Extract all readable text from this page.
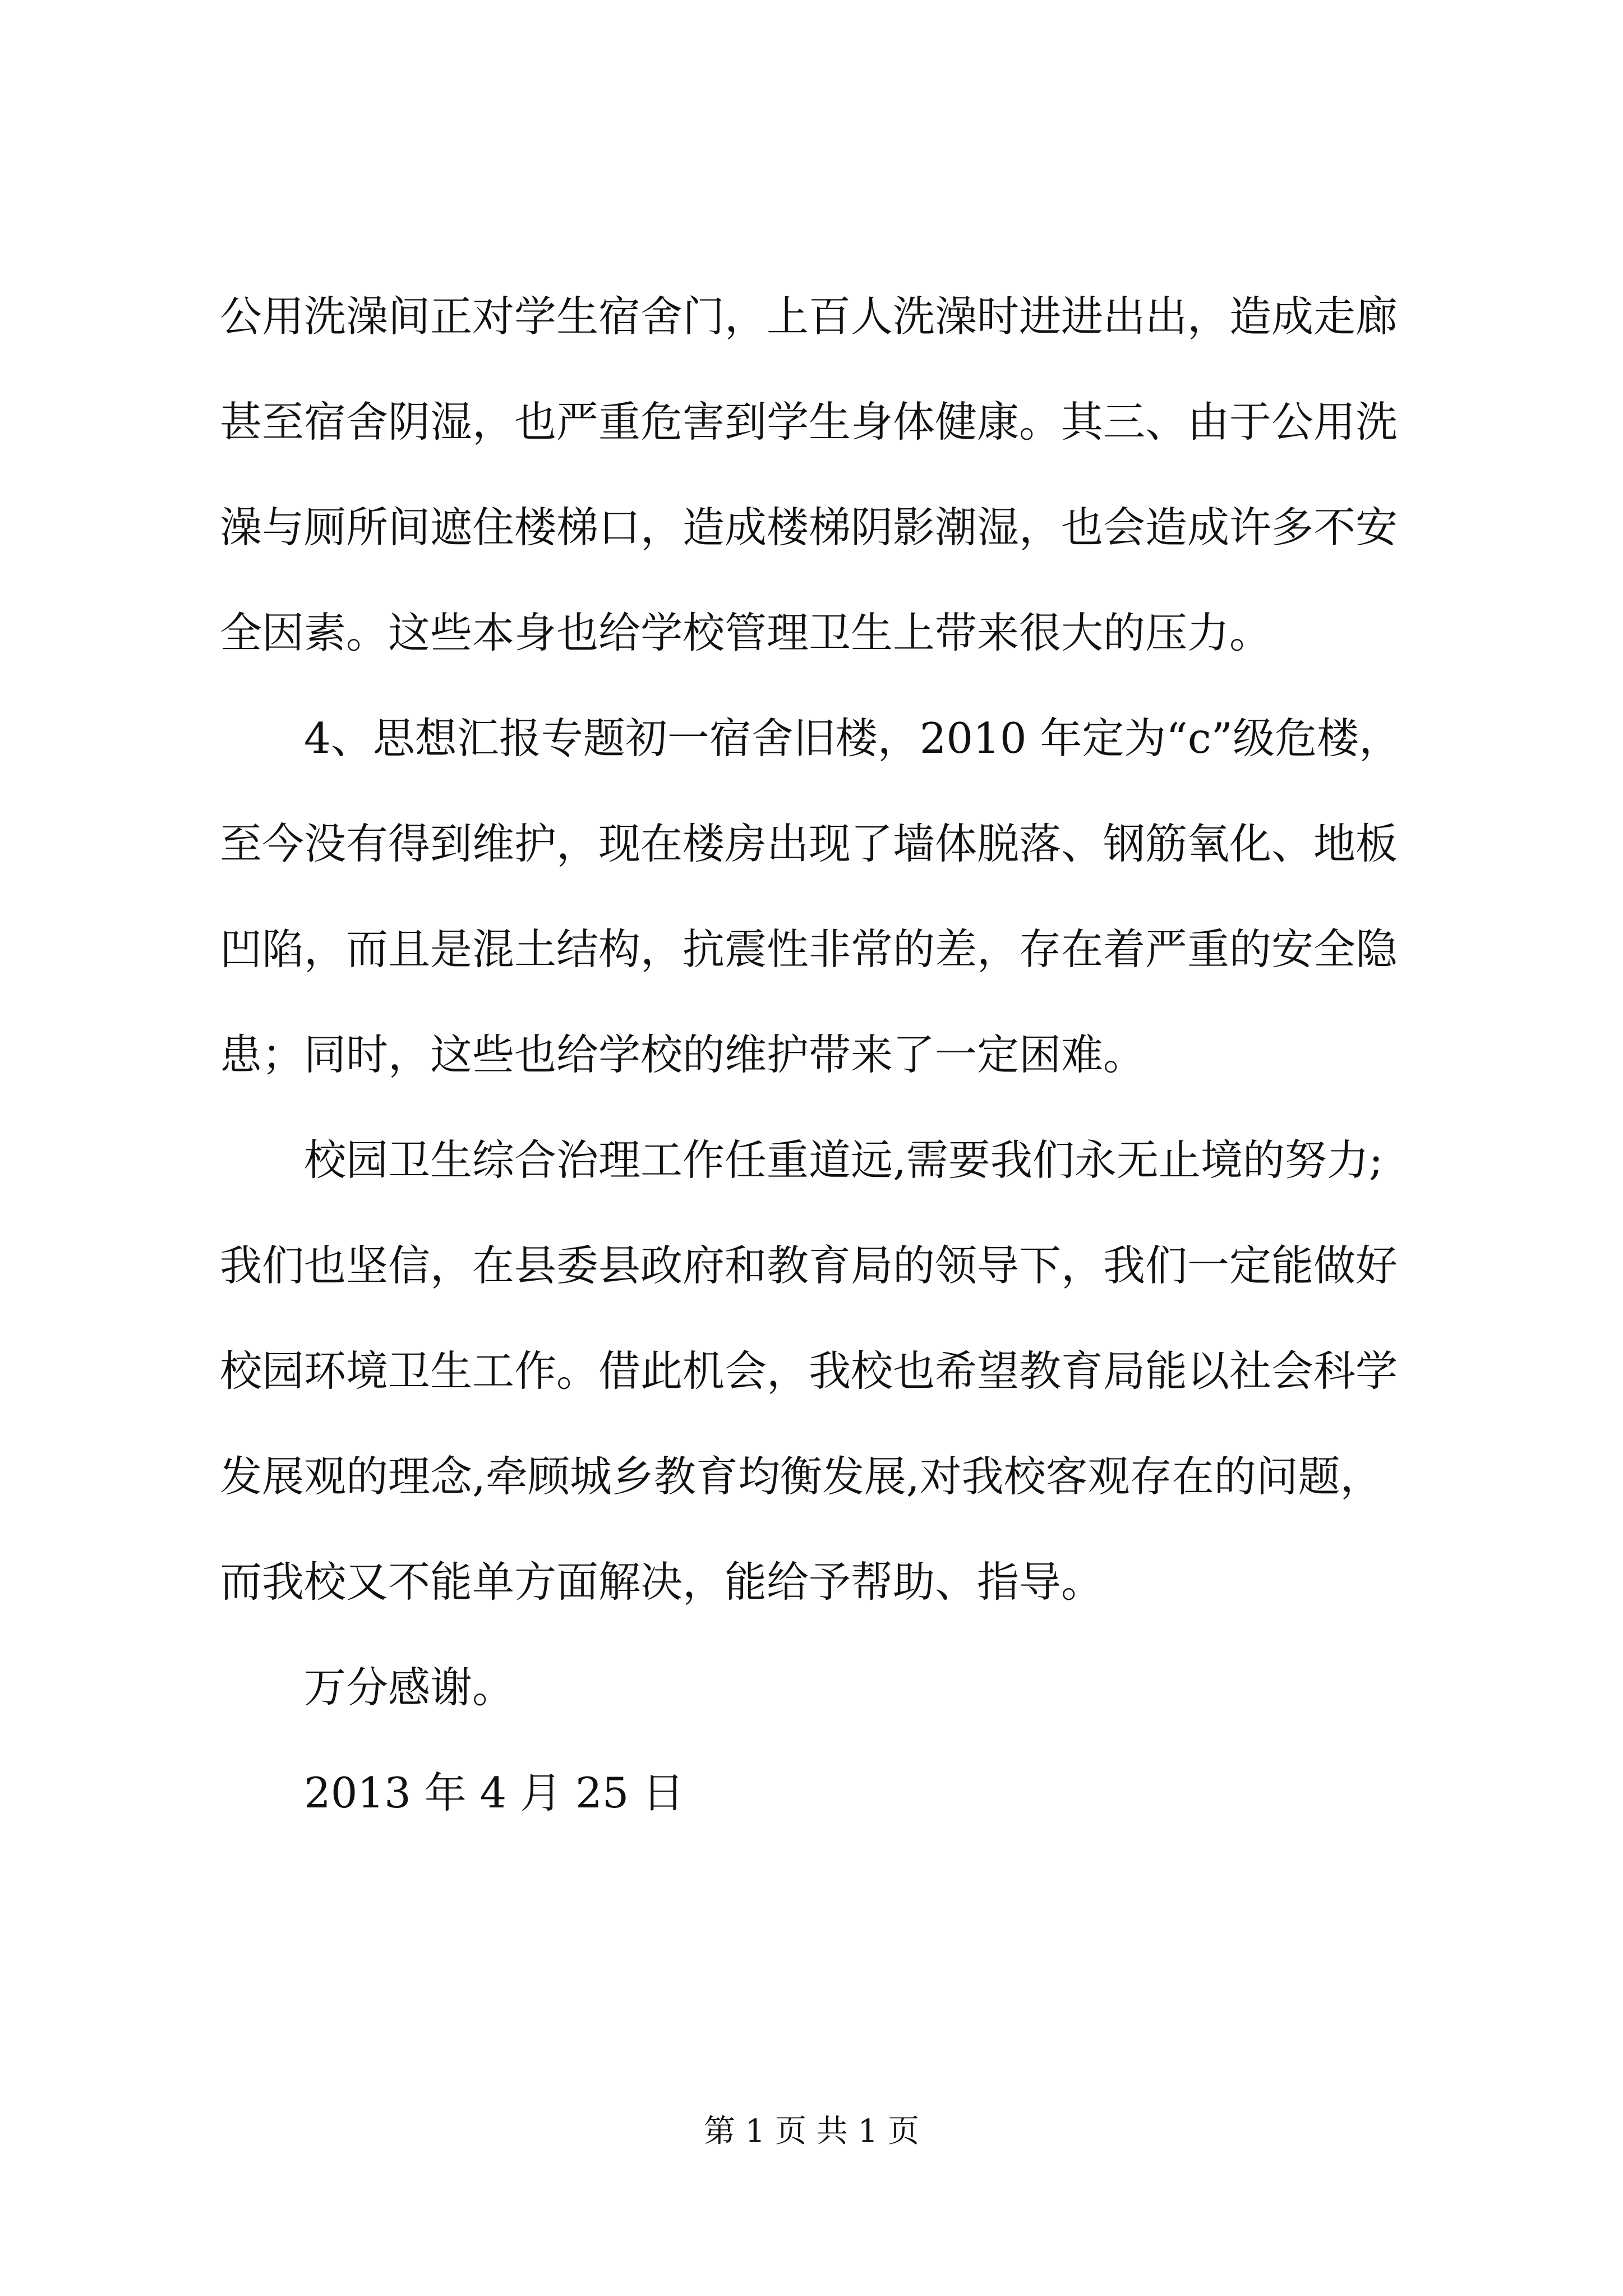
公用洗澡间正对学生宿舍门，上百人洗澡时进进出出，造成走廊
甚至宿舍阴湿，也严重危害到学生身体健康。其三、由于公用洗
澡与厕所间遮住楼梯口，造成楼梯阴影潮湿，也会造成许多不安
全因素。这些本身也给学校管理卫生上带来很大的压力。
4、思想汇报专题初一宿舍旧楼，2010 年定为“c”级危楼，
至今没有得到维护，现在楼房出现了墙体脱落、钢筋氧化、地板
凹陷，而且是混土结构，抗震性非常的差，存在着严重的安全隐
患；同时，这些也给学校的维护带来了一定困难。
校园卫生综合治理工作任重道远,需要我们永无止境的努力;
我们也坚信，在县委县政府和教育局的领导下，我们一定能做好
校园环境卫生工作。借此机会，我校也希望教育局能以社会科学
发展观的理念,牵顾城乡教育均衡发展,对我校客观存在的问题，
而我校又不能单方面解决，能给予帮助、指导。
万分感谢。
2013 年 4 月 25 日
第 1 页 共 1 页
